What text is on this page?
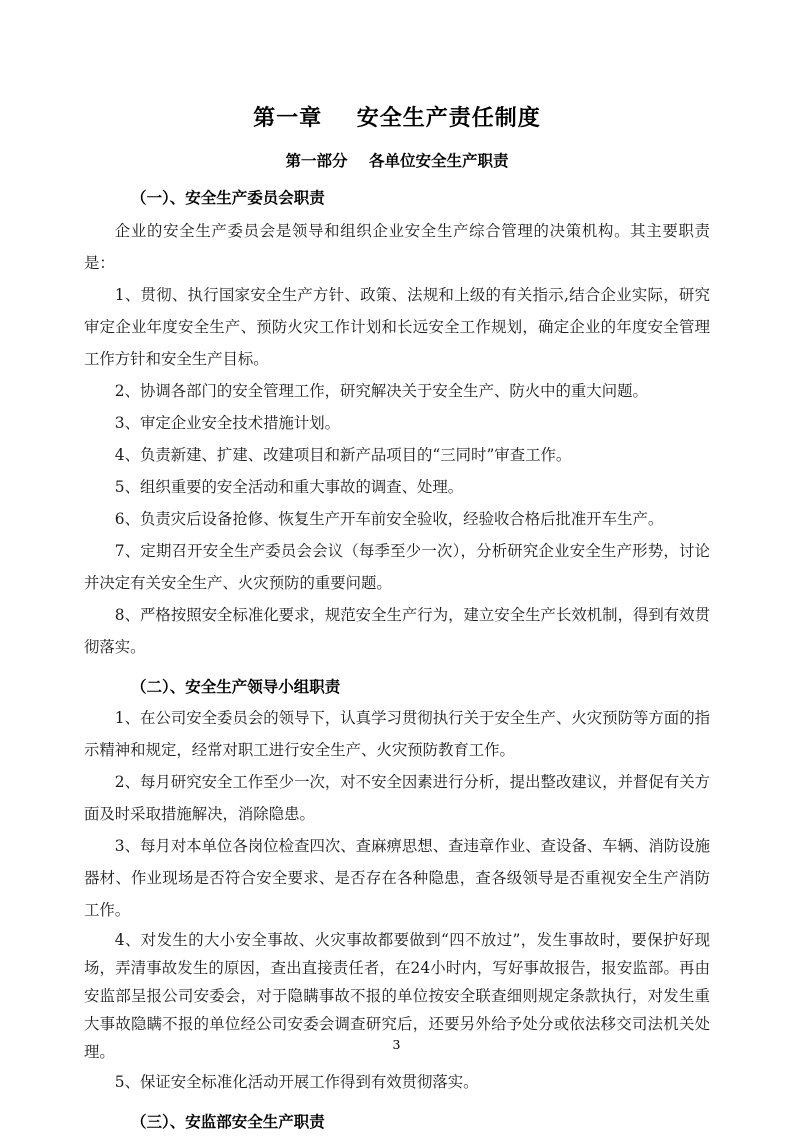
第一章    安全生产责任制度
第一部分    各单位安全生产职责
（一）、安全生产委员会职责

企业的安全生产委员会是领导和组织企业安全生产综合管理的决策机构。其主要职责是：

1、贯彻、执行国家安全生产方针、政策、法规和上级的有关指示,结合企业实际，研究审定企业年度安全生产、预防火灾工作计划和长远安全工作规划，确定企业的年度安全管理工作方针和安全生产目标。

2、协调各部门的安全管理工作，研究解决关于安全生产、防火中的重大问题。

3、审定企业安全技术措施计划。

4、负责新建、扩建、改建项目和新产品项目的“三同时”审查工作。

5、组织重要的安全活动和重大事故的调查、处理。

6、负责灾后设备抢修、恢复生产开车前安全验收，经验收合格后批准开车生产。

7、定期召开安全生产委员会会议（每季至少一次），分析研究企业安全生产形势，讨论并决定有关安全生产、火灾预防的重要问题。

8、严格按照安全标准化要求，规范安全生产行为，建立安全生产长效机制，得到有效贯彻落实。

（二）、安全生产领导小组职责

1、在公司安全委员会的领导下，认真学习贯彻执行关于安全生产、火灾预防等方面的指示精神和规定，经常对职工进行安全生产、火灾预防教育工作。

2、每月研究安全工作至少一次，对不安全因素进行分析，提出整改建议，并督促有关方面及时采取措施解决，消除隐患。

3、每月对本单位各岗位检查四次、查麻痹思想、查违章作业、查设备、车辆、消防设施器材、作业现场是否符合安全要求、是否存在各种隐患，查各级领导是否重视安全生产消防工作。

4、对发生的大小安全事故、火灾事故都要做到“四不放过”，发生事故时，要保护好现场，弄清事故发生的原因，查出直接责任者，在24小时内，写好事故报告，报安监部。再由安监部呈报公司安委会，对于隐瞒事故不报的单位按安全联查细则规定条款执行，对发生重大事故隐瞒不报的单位经公司安委会调查研究后，还要另外给予处分或依法移交司法机关处理。

5、保证安全标准化活动开展工作得到有效贯彻落实。

（三）、安监部安全生产职责
3
